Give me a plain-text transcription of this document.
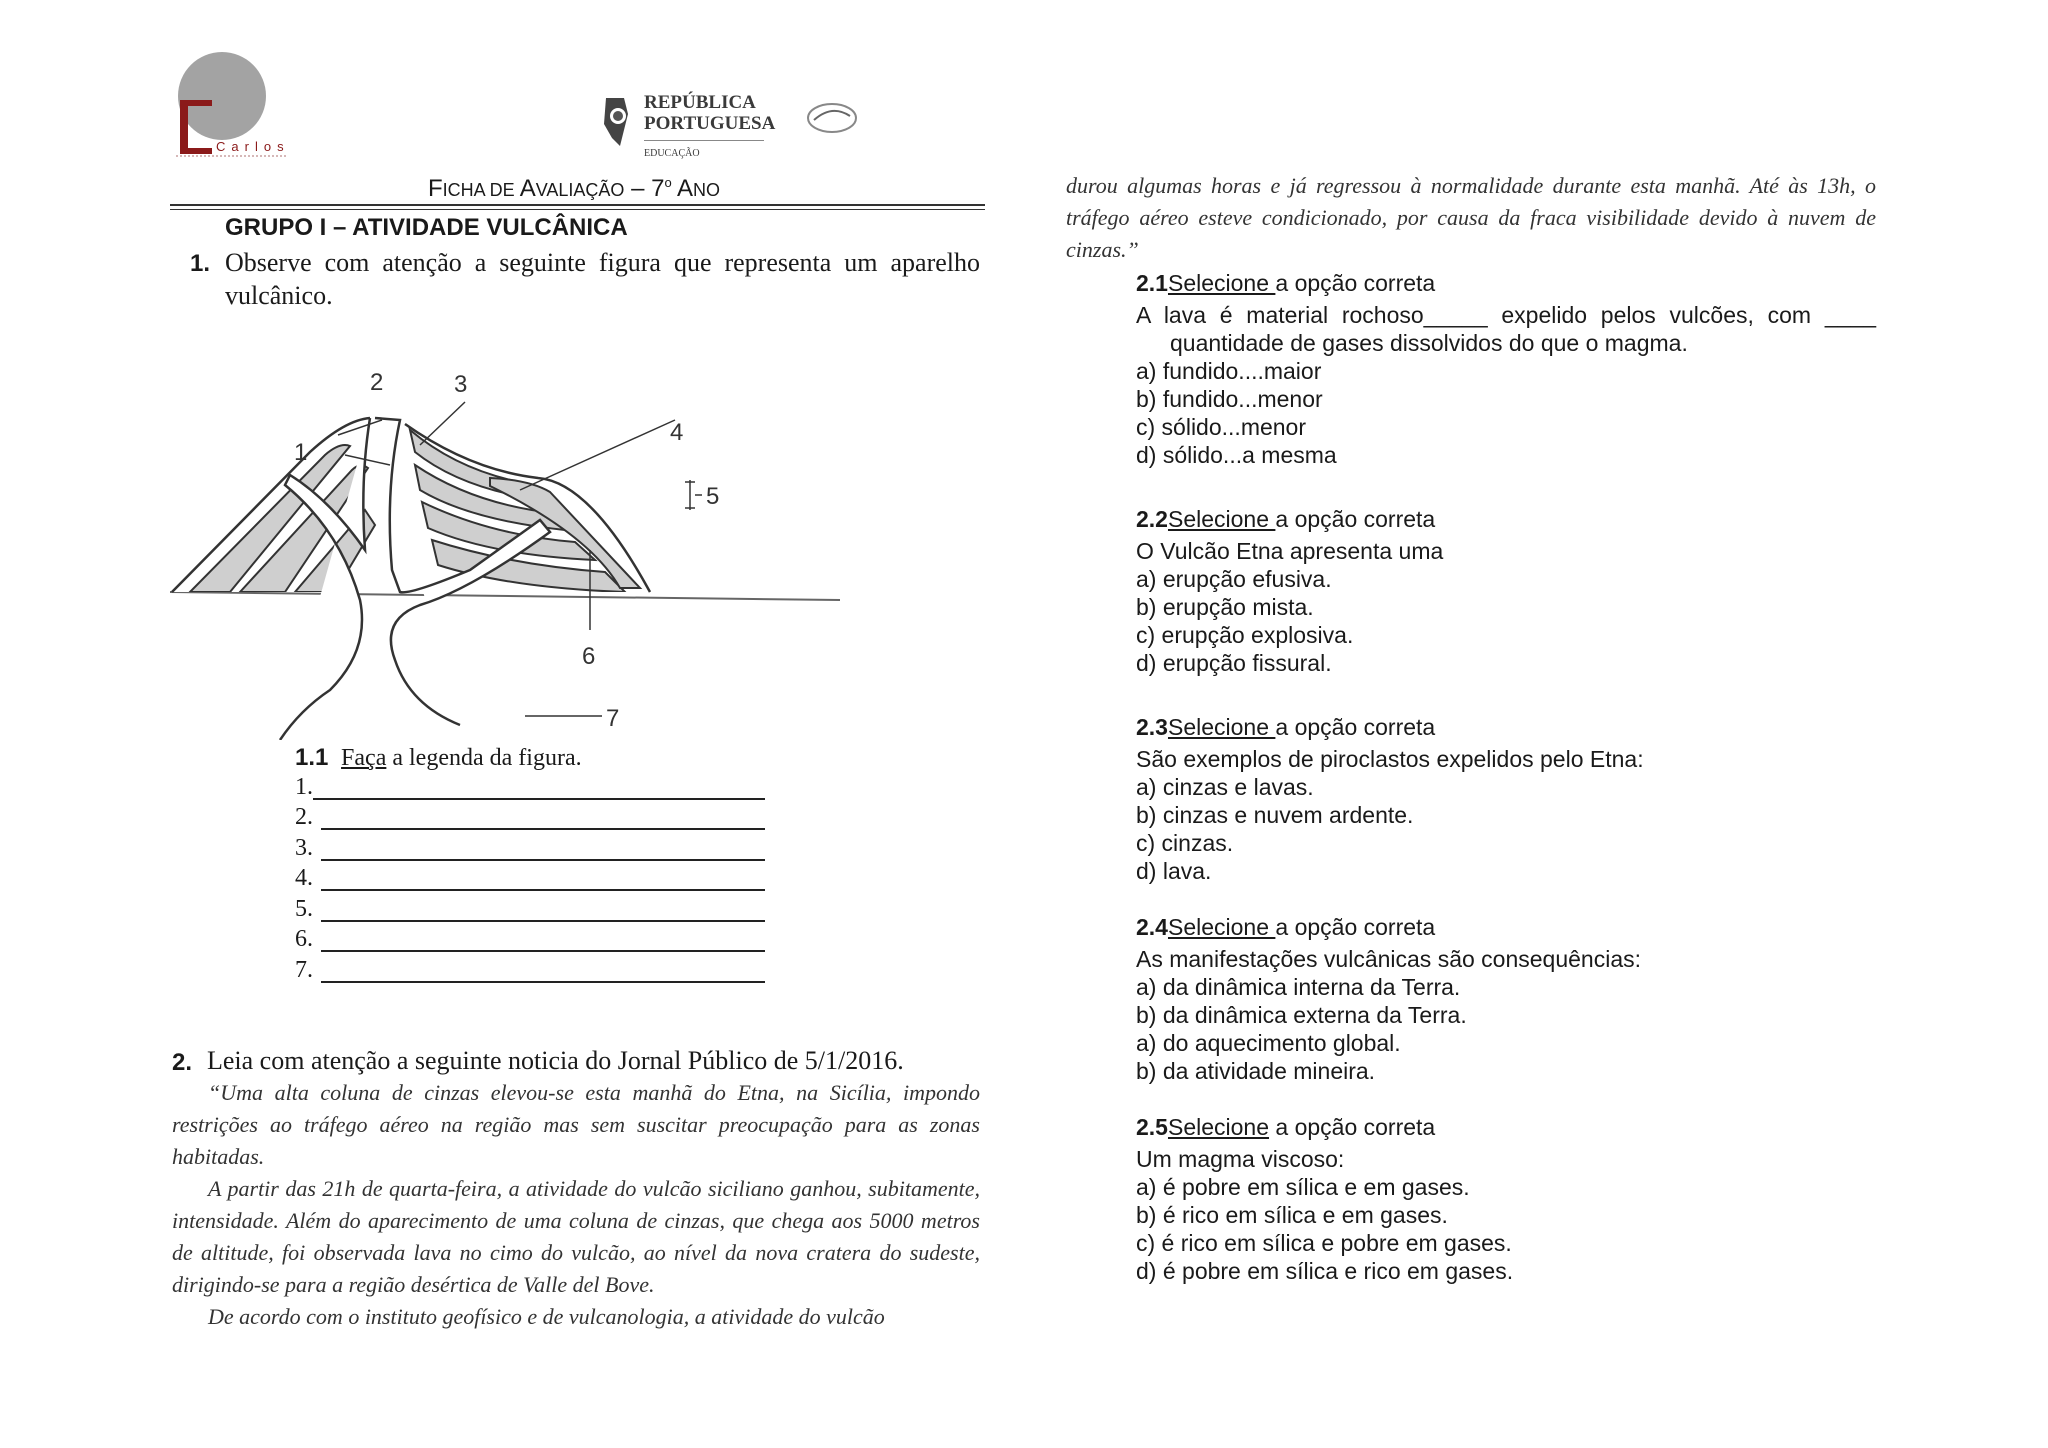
Carlos
REPÚBLICA
PORTUGUESA
EDUCAÇÃO
FICHA DE AVALIAÇÃO – 7$^o$ ANO
GRUPO I – ATIVIDADE VULCÂNICA
1. Observe com atenção a seguinte figura que representa um aparelho vulcânico.
1
2	3
4
5
6
7
1.1 Faça a legenda da figura.
1.
2.
3.
4.
5.
6.
7.
2. Leia com atenção a seguinte noticia do Jornal Público de 5/1/2016.
“Uma alta coluna de cinzas elevou-se esta manhã do Etna, na Sicília, impondo restrições ao tráfego aéreo na região mas sem suscitar preocupação para as zonas habitadas.
A partir das 21h de quarta-feira, a atividade do vulcão siciliano ganhou, subitamente, intensidade. Além do aparecimento de uma coluna de cinzas, que chega aos 5000 metros de altitude, foi observada lava no cimo do vulcão, ao nível da nova cratera do sudeste, dirigindo-se para a região desértica de Valle del Bove.
De acordo com o instituto geofísico e de vulcanologia, a atividade do vulcão
durou algumas horas e já regressou à normalidade durante esta manhã. Até às 13h, o tráfego aéreo esteve condicionado, por causa da fraca visibilidade devido à nuvem de cinzas.”
2.1Selecione a opção correta
A lava é material rochoso_____ expelido pelos vulcões, com ____
quantidade de gases dissolvidos do que o magma.
a) fundido....maior
b) fundido...menor
c) sólido...menor
d) sólido...a mesma
2.2Selecione a opção correta
O Vulcão Etna apresenta uma
a) erupção efusiva.
b) erupção mista.
c) erupção explosiva.
d) erupção fissural.
2.3Selecione a opção correta
São exemplos de piroclastos expelidos pelo Etna:
a) cinzas e lavas.
b) cinzas e nuvem ardente.
c) cinzas.
d) lava.
2.4Selecione a opção correta
As manifestações vulcânicas são consequências:
a) da dinâmica interna da Terra.
b) da dinâmica externa da Terra.
a) do aquecimento global.
b) da atividade mineira.
2.5Selecione a opção correta
Um magma viscoso:
a) é pobre em sílica e em gases.
b) é rico em sílica e em gases.
c) é rico em sílica e pobre em gases.
d) é pobre em sílica e rico em gases.
